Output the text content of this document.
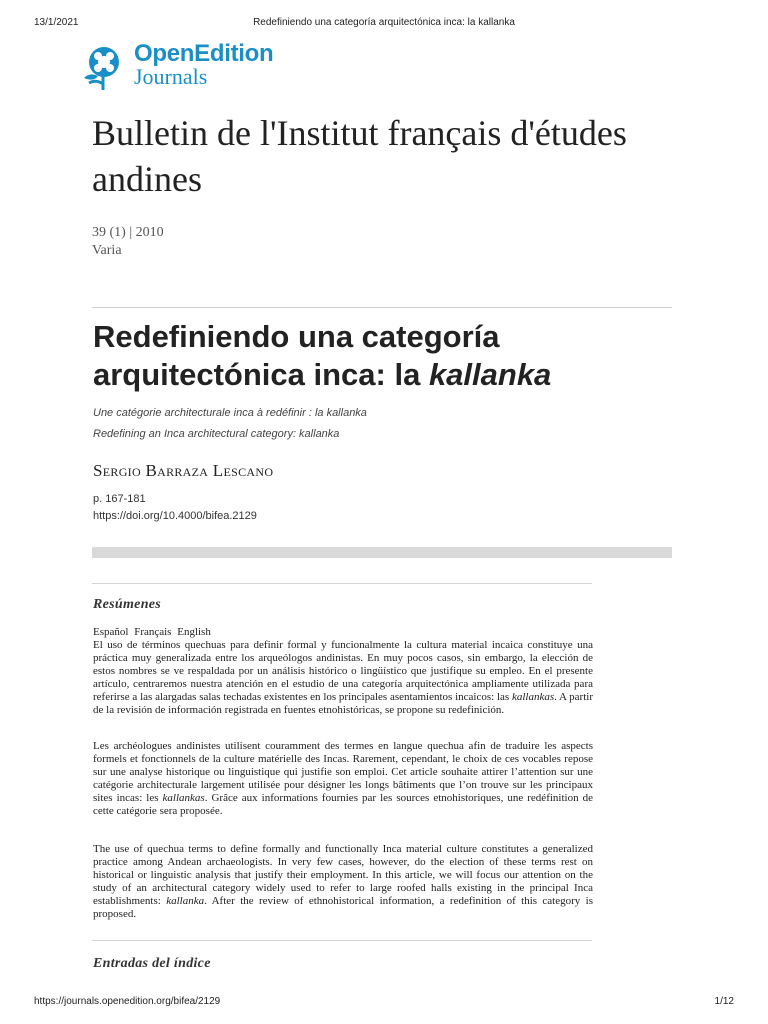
13/1/2021	Redefiniendo una categoría arquitectónica inca: la kallanka
OpenEdition
Journals
Bulletin de l'Institut français d'études andines
39 (1) | 2010
Varia
Redefiniendo una categoría arquitectónica inca: la kallanka
Une catégorie architecturale inca à redéfinir : la kallanka
Redefining an Inca architectural category: kallanka
Sergio Barraza Lescano
p. 167-181
https://doi.org/10.4000/bifea.2129
Resúmenes
Español Français English

El uso de términos quechuas para definir formal y funcionalmente la cultura material incaica constituye una práctica muy generalizada entre los arqueólogos andinistas. En muy pocos casos, sin embargo, la elección de estos nombres se ve respaldada por un análisis histórico o lingüístico que justifique su empleo. En el presente artículo, centraremos nuestra atención en el estudio de una categoría arquitectónica ampliamente utilizada para referirse a las alargadas salas techadas existentes en los principales asentamientos incaicos: las kallankas. A partir de la revisión de información registrada en fuentes etnohistóricas, se propone su redefinición.

Les archéologues andinistes utilisent couramment des termes en langue quechua afin de traduire les aspects formels et fonctionnels de la culture matérielle des Incas. Rarement, cependant, le choix de ces vocables repose sur une analyse historique ou linguistique qui justifie son emploi. Cet article souhaite attirer l’attention sur une catégorie architecturale largement utilisée pour désigner les longs bâtiments que l’on trouve sur les principaux sites incas: les kallankas. Grâce aux informations fournies par les sources etnohistoriques, une redéfinition de cette catégorie sera proposée.

The use of quechua terms to define formally and functionally Inca material culture constitutes a generalized practice among Andean archaeologists. In very few cases, however, do the election of these terms rest on historical or linguistic analysis that justify their employment. In this article, we will focus our attention on the study of an architectural category widely used to refer to large roofed halls existing in the principal Inca establishments: kallanka. After the review of ethnohistorical information, a redefinition of this category is proposed.

Entradas del índice
https://journals.openedition.org/bifea/2129	1/12
